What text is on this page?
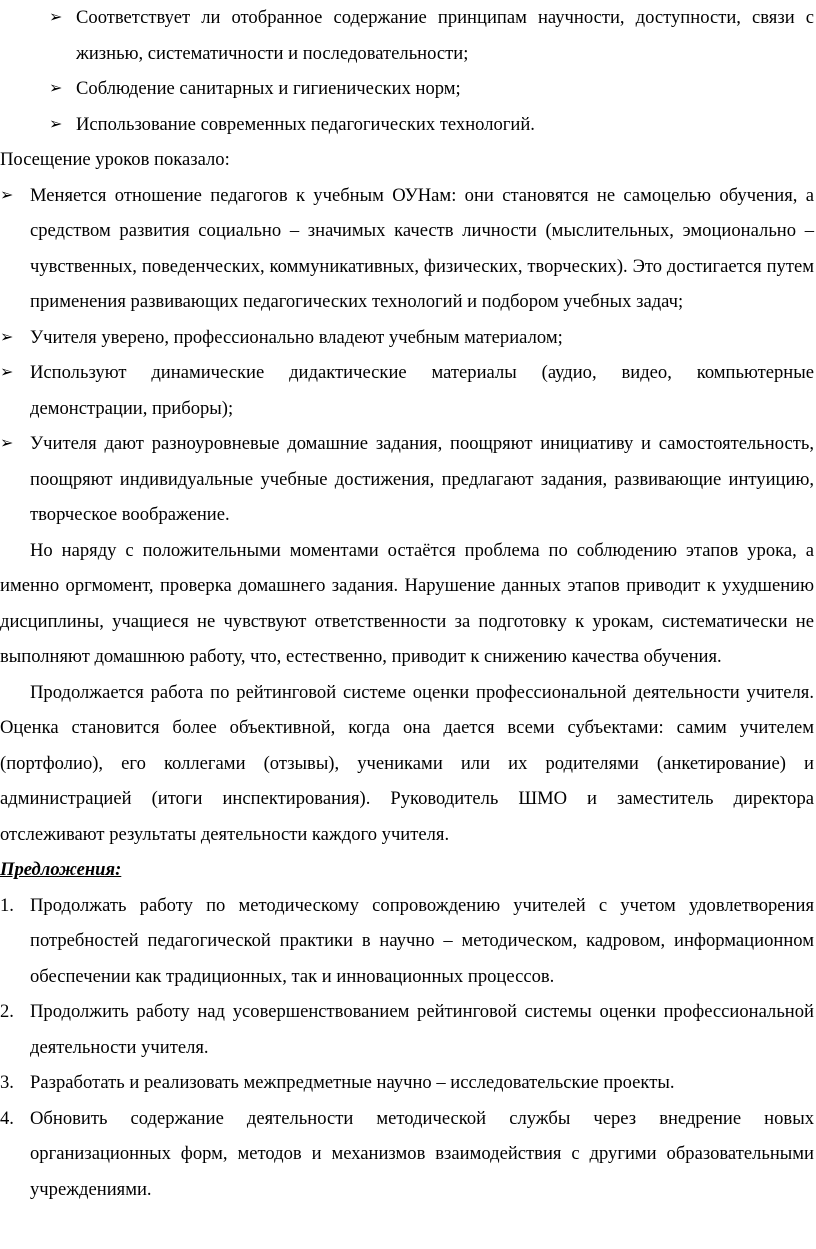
➢ Соответствует ли отобранное содержание принципам научности, доступности, связи с жизнью, систематичности и последовательности;
➢ Соблюдение санитарных и гигиенических норм;
➢ Использование современных педагогических технологий.
Посещение уроков показало:
➢ Меняется отношение педагогов к учебным ОУНам: они становятся не самоцелью обучения, а средством развития социально – значимых качеств личности (мыслительных, эмоционально – чувственных, поведенческих, коммуникативных, физических, творческих). Это достигается путем применения развивающих педагогических технологий и подбором учебных задач;
➢ Учителя уверено, профессионально владеют учебным материалом;
➢ Используют динамические дидактические материалы (аудио, видео, компьютерные демонстрации, приборы);
➢ Учителя дают разноуровневые домашние задания, поощряют инициативу и самостоятельность, поощряют индивидуальные учебные достижения, предлагают задания, развивающие интуицию, творческое воображение.

Но наряду с положительными моментами остаётся проблема по соблюдению этапов урока, а именно оргмомент, проверка домашнего задания. Нарушение данных этапов приводит к ухудшению дисциплины, учащиеся не чувствуют ответственности за подготовку к урокам, систематически не выполняют домашнюю работу, что, естественно, приводит к снижению качества обучения.

Продолжается работа по рейтинговой системе оценки профессиональной деятельности учителя. Оценка становится более объективной, когда она дается всеми субъектами: самим учителем (портфолио), его коллегами (отзывы), учениками или их родителями (анкетирование) и администрацией (итоги инспектирования). Руководитель ШМО и заместитель директора отслеживают результаты деятельности каждого учителя.

Предложения:
1. Продолжать работу по методическому сопровождению учителей с учетом удовлетворения потребностей педагогической практики в научно – методическом, кадровом, информационном обеспечении как традиционных, так и инновационных процессов.
2. Продолжить работу над усовершенствованием рейтинговой системы оценки профессиональной деятельности учителя.
3. Разработать и реализовать межпредметные научно – исследовательские проекты.
4. Обновить содержание деятельности методической службы через внедрение новых организационных форм, методов и механизмов взаимодействия с другими образовательными учреждениями.
